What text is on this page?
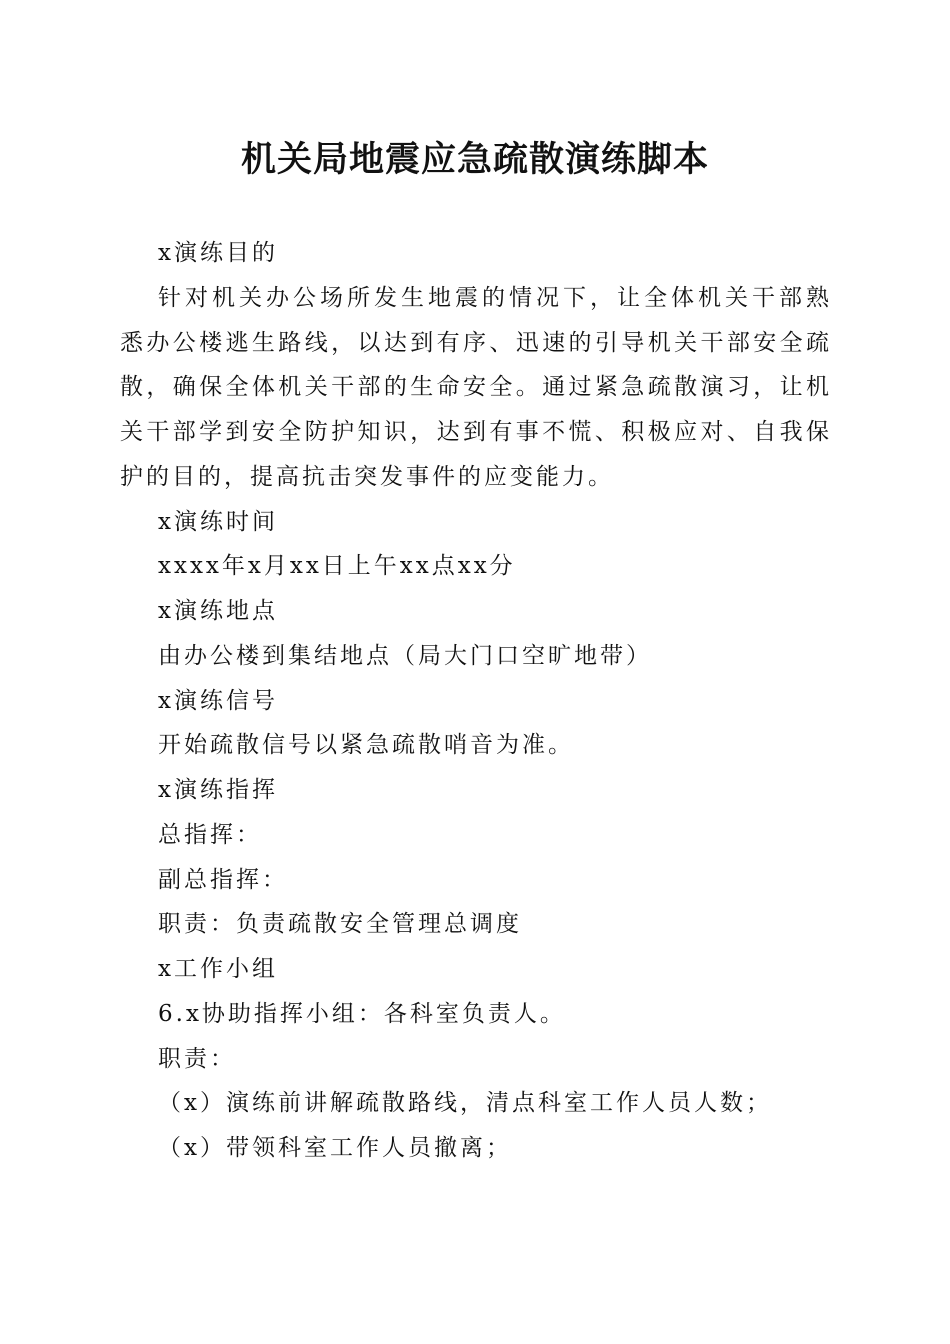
机关局地震应急疏散演练脚本
x演练目的

针对机关办公场所发生地震的情况下，让全体机关干部熟悉办公楼逃生路线，以达到有序、迅速的引导机关干部安全疏散，确保全体机关干部的生命安全。通过紧急疏散演习，让机关干部学到安全防护知识，达到有事不慌、积极应对、自我保护的目的，提高抗击突发事件的应变能力。

x演练时间
xxxx年x月xx日上午xx点xx分
x演练地点
由办公楼到集结地点（局大门口空旷地带）
x演练信号
开始疏散信号以紧急疏散哨音为准。
x演练指挥
总指挥：
副总指挥：
职责：负责疏散安全管理总调度
x工作小组
6.x协助指挥小组：各科室负责人。
职责：
（x）演练前讲解疏散路线，清点科室工作人员人数；
（x）带领科室工作人员撤离；
